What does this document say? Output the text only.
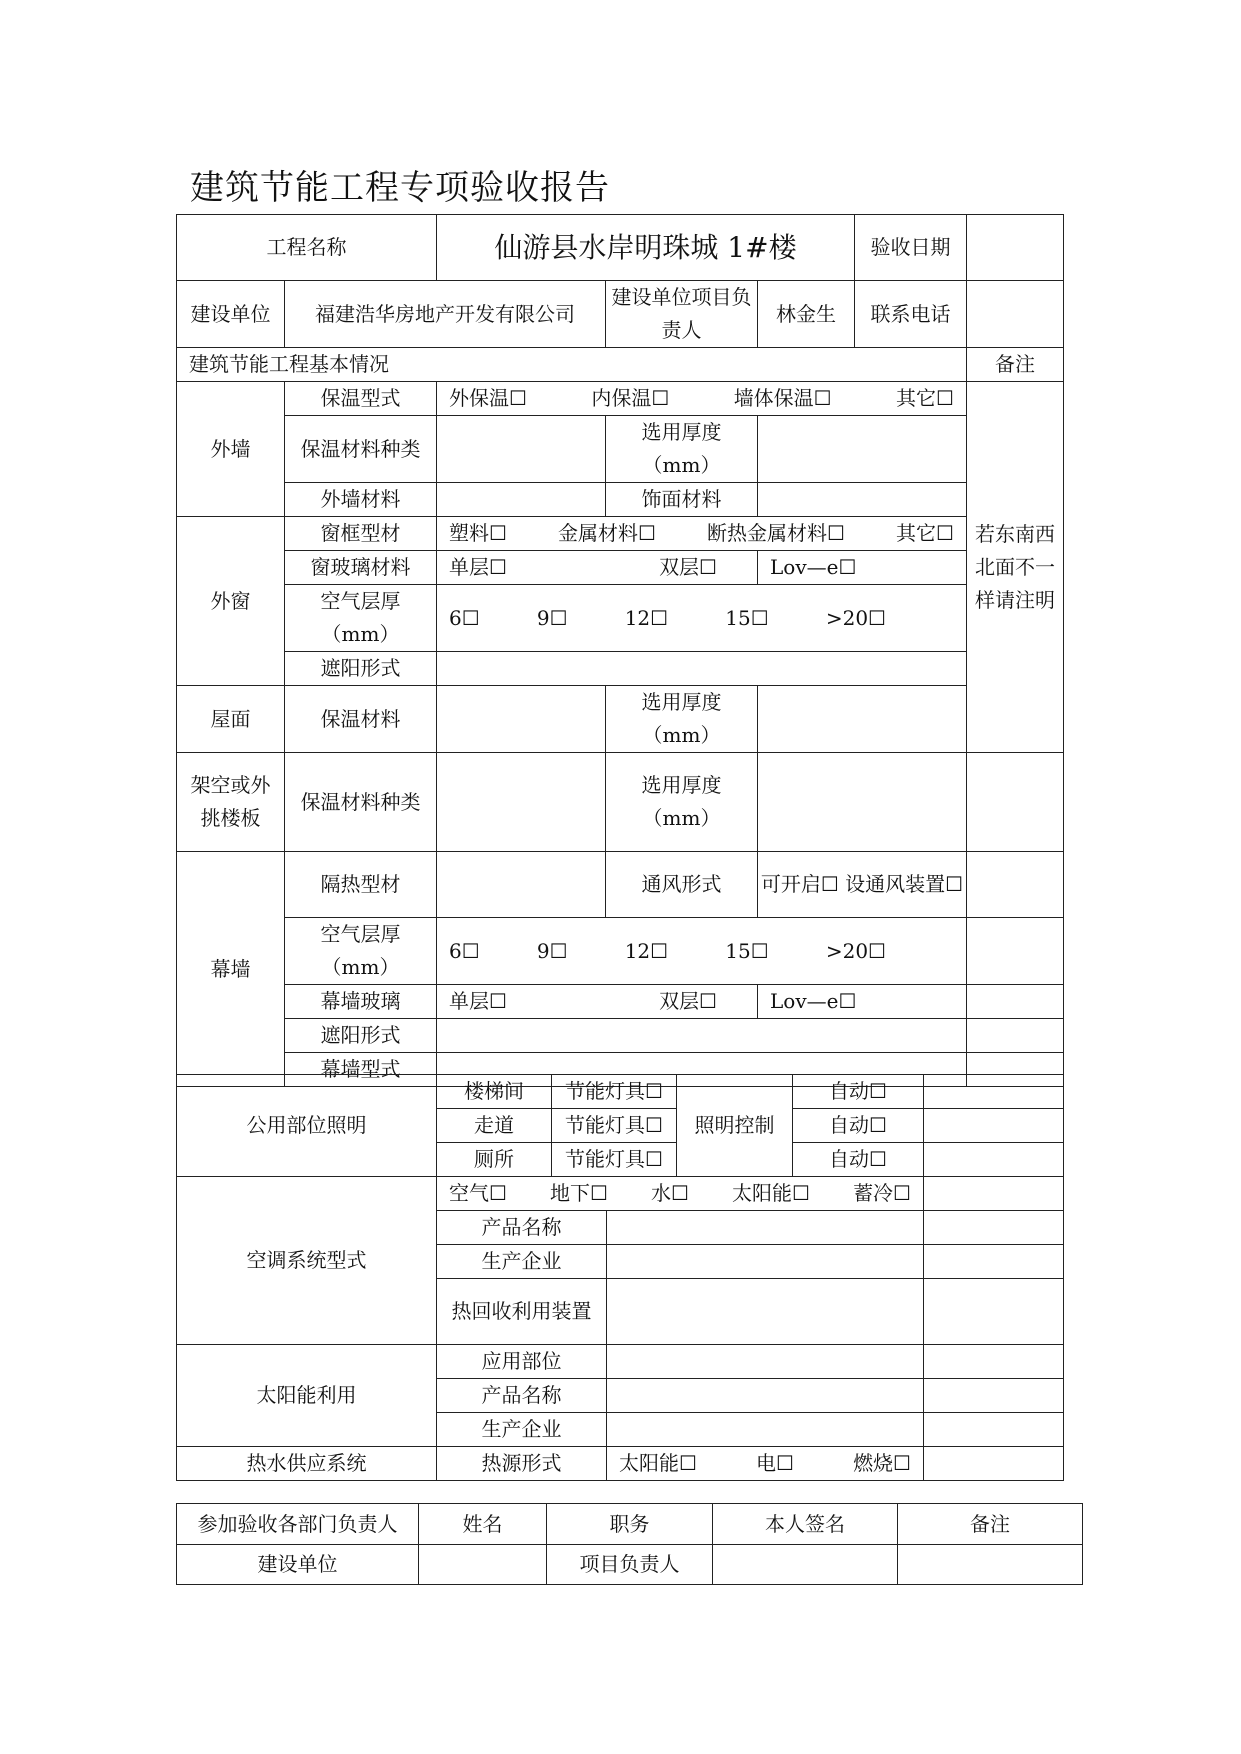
建筑节能工程专项验收报告
工程名称		仙游县水岸明珠城 1#楼			验收日期		
建设单位	福建浩华房地产开发有限公司		建设单位项目负责人	林金生	联系电话		
建筑节能工程基本情况						备注	
外墙	保温型式	外保温☐ 内保温☐ 墙体保温☐ 其它☐				若东南西北面不一样请注明	
	保温材料种类		选用厚度（mm）				
	外墙材料		饰面材料				
外窗	窗框型材	塑料☐ 金属材料☐ 断热金属材料☐ 其它☐					

	窗玻璃材料	单层☐ 双层☐		Lov—e☐			
	空气层厚（mm）	6☐ 9☐ 12☐ 15☐ >20☐					

	遮阳形式						
屋面	保温材料		选用厚度（mm）				
架空或外挑楼板	保温材料种类		选用厚度（mm）				
幕墙	隔热型材		通风形式	可开启☐ 设通风装置☐			
	空气层厚（mm）	6☐ 9☐ 12☐ 15☐ >20☐					

	幕墙玻璃	单层☐ 双层☐		Lov—e☐			
	遮阳形式						
	幕墙型式						
公用部位照明	楼梯间	节能灯具☐		照明控制	自动☐	
	走道	节能灯具☐			自动☐	
	厕所	节能灯具☐			自动☐	
空调系统型式	空气☐ 地下☐ 水☐ 太阳能☐ 蓄冷☐					

	产品名称					
	生产企业					
	热回收利用装置					
太阳能利用	应用部位					
	产品名称					
	生产企业					
热水供应系统	热源形式		太阳能☐ 电☐ 燃烧☐			

参加验收各部门负责人	姓名	职务	本人签名	备注
建设单位		项目负责人		
